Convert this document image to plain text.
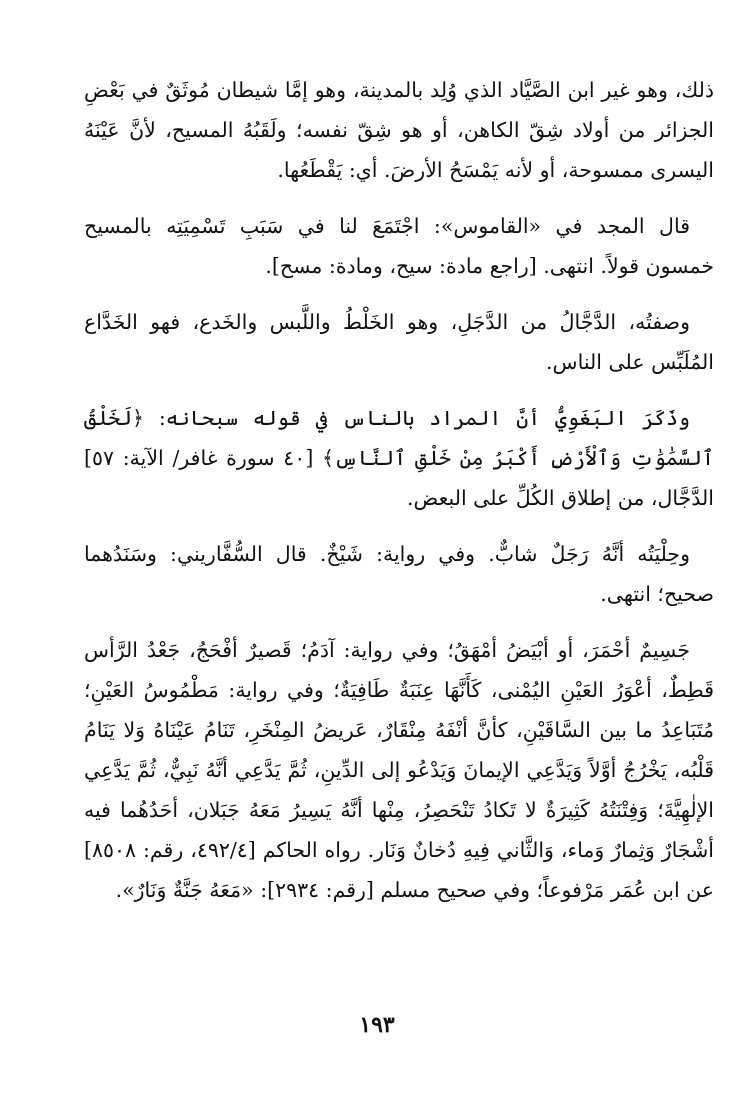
ذلك، وهو غير ابن الصَّيَّاد الذي وُلِد بالمدينة، وهو إمَّا شيطان مُوثَقٌ في بَعْضِ الجزائر من أولاد شِقّ الكاهن، أو هو شِقّ نفسه؛ ولَقَبُهُ المسيح، لأنَّ عَيْنَهُ اليسرى ممسوحة، أو لأنه يَمْسَحُ الأرضَ. أي: يَقْطَعُها.

قال المجد في «القاموس»: اجْتَمَعَ لنا في سَبَبِ تَسْمِيَتِه بالمسيح خمسون قولاً. انتهى. [راجع مادة: سيح، ومادة: مسح].

وصفتُه، الدَّجَّالُ من الدَّجَلِ، وهو الخَلْطُ واللَّبس والخَدع، فهو الخَدَّاع المُلَبِّس على الناس.

وذَكَرَ البَغَوِيُّ أنَّ المراد بالناس في قوله سبحانه: ﴿لَخَلْقُ ٱلسَّمَٰوَٰتِ وَٱلْأَرْضِ أَكْبَرُ مِنْ خَلْقِ ٱلنَّاسِ﴾ [٤٠ سورة غافر/ الآية: ٥٧] الدَّجَّال، من إطلاق الكُلِّ على البعض.

وحِلْيَتُه أنَّهُ رَجَلٌ شابٌّ. وفي رواية: شَيْخٌ. قال السُّفَّاريني: وسَنَدُهما صحيح؛ انتهى.

جَسِيمٌ أحْمَرَ، أو أبْيَضُ أمْهَقُ؛ وفي رواية: آدَمُ؛ قَصيرٌ أفْحَجُ، جَعْدُ الرَّأس قَطِطٌ، أعْوَرُ العَيْنِ اليُمْنى، كَأَنَّهَا عِنَبَةٌ طَافِيَةٌ؛ وفي رواية: مَطْمُوسُ العَيْنِ؛ مُتَبَاعِدُ ما بين السَّاقَيْنِ، كأنَّ أنْفَهُ مِنْقَارٌ، عَريضُ المِنْخَرِ، تَنَامُ عَيْنَاهُ وَلا يَنَامُ قَلْبُه، يَخْرُجُ أوَّلاً وَيَدَّعِي الإيمانَ وَيَدْعُو إلى الدِّينِ، ثُمَّ يَدَّعِي أنَّهُ نَبِيٌّ، ثُمَّ يَدَّعِي الإلٰهِيَّةَ؛ وَفِتْنَتُهُ كَثِيرَةٌ لا تَكادُ تَنْحَصِرُ، مِنْها أنَّهُ يَسِيرُ مَعَهُ جَبَلان، أحَدُهُما فيه أشْجَارٌ وَثِمارٌ وَماء، وَالثَّاني فِيهِ دُخانٌ وَنَار. رواه الحاكم [٤٩٢/٤، رقم: ٨٥٠٨] عن ابن عُمَر مَرْفوعاً؛ وفي صحيح مسلم [رقم: ٢٩٣٤]: «مَعَهُ جَنَّةٌ وَنَارٌ».

١٩٣
